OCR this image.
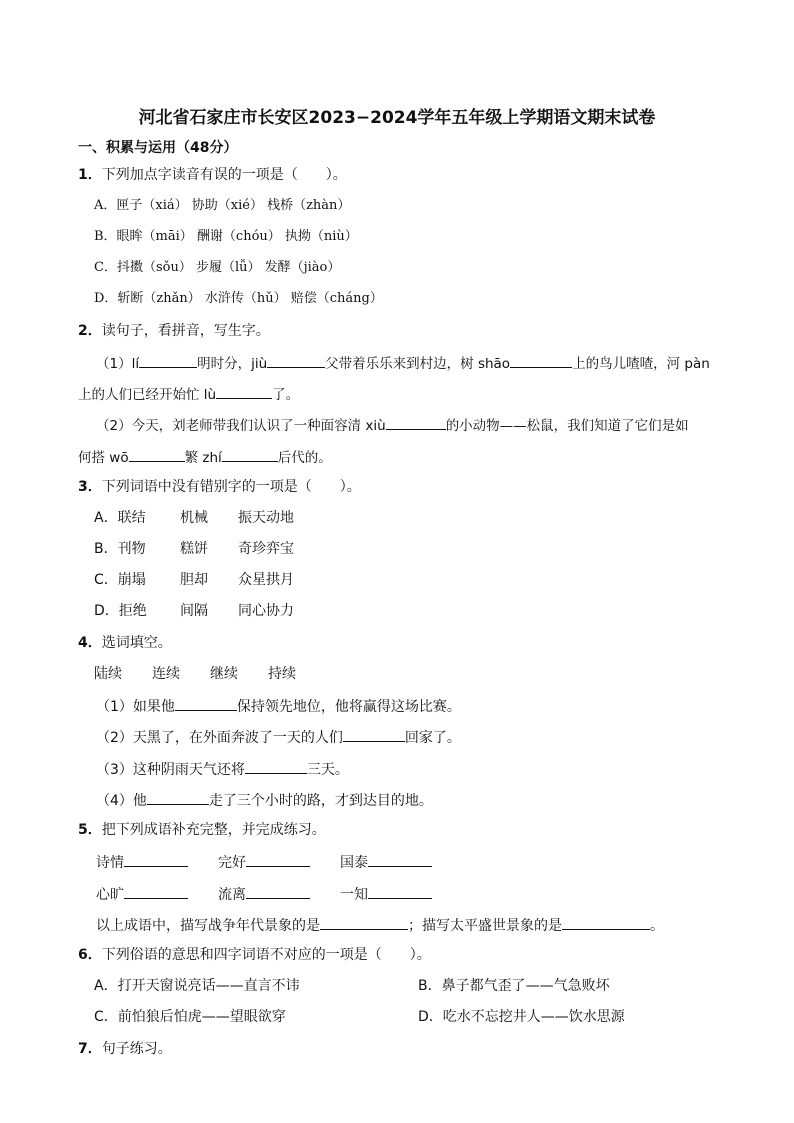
河北省石家庄市长安区2023−2024学年五年级上学期语文期末试卷
一、积累与运用（48分）
1．下列加点字读音有误的一项是（　　）。
A．匣子（xiá） 协助（xié） 栈桥（zhàn）
B．眼眸（māi） 酬谢（chóu） 执拗（niù）
C．抖擞（sǒu） 步履（lǚ） 发酵（jiào）
D．斩断（zhǎn） 水浒传（hǔ） 赔偿（cháng）
2．读句子，看拼音，写生字。
（1）lí	明时分，jiù	父带着乐乐来到村边，树 shāo	上的鸟儿喳喳，河 pàn
上的人们已经开始忙 lù	了。
（2）今天，刘老师带我们认识了一种面容清 xiù	的小动物——松鼠，我们知道了它们是如
何搭 wō	繁 zhí	后代的。
3．下列词语中没有错别字的一项是（　　）。
A．联结 机械 振天动地
B．刊物 糕饼 奇珍弈宝
C．崩塌 胆却 众星拱月
D．拒绝 间隔 同心协力
4．选词填空。
陆续 连续 继续 持续
（1）如果他	保持领先地位，他将赢得这场比赛。
（2）天黑了，在外面奔波了一天的人们	回家了。
（3）这种阴雨天气还将	三天。
（4）他	走了三个小时的路，才到达目的地。
5．把下列成语补充完整，并完成练习。
诗情	完好	国泰
心旷	流离	一知
以上成语中，描写战争年代景象的是	；描写太平盛世景象的是	。
6．下列俗语的意思和四字词语不对应的一项是（　　）。
A．打开天窗说亮话——直言不讳	B．鼻子都气歪了——气急败坏
C．前怕狼后怕虎——望眼欲穿	D．吃水不忘挖井人——饮水思源
7．句子练习。
